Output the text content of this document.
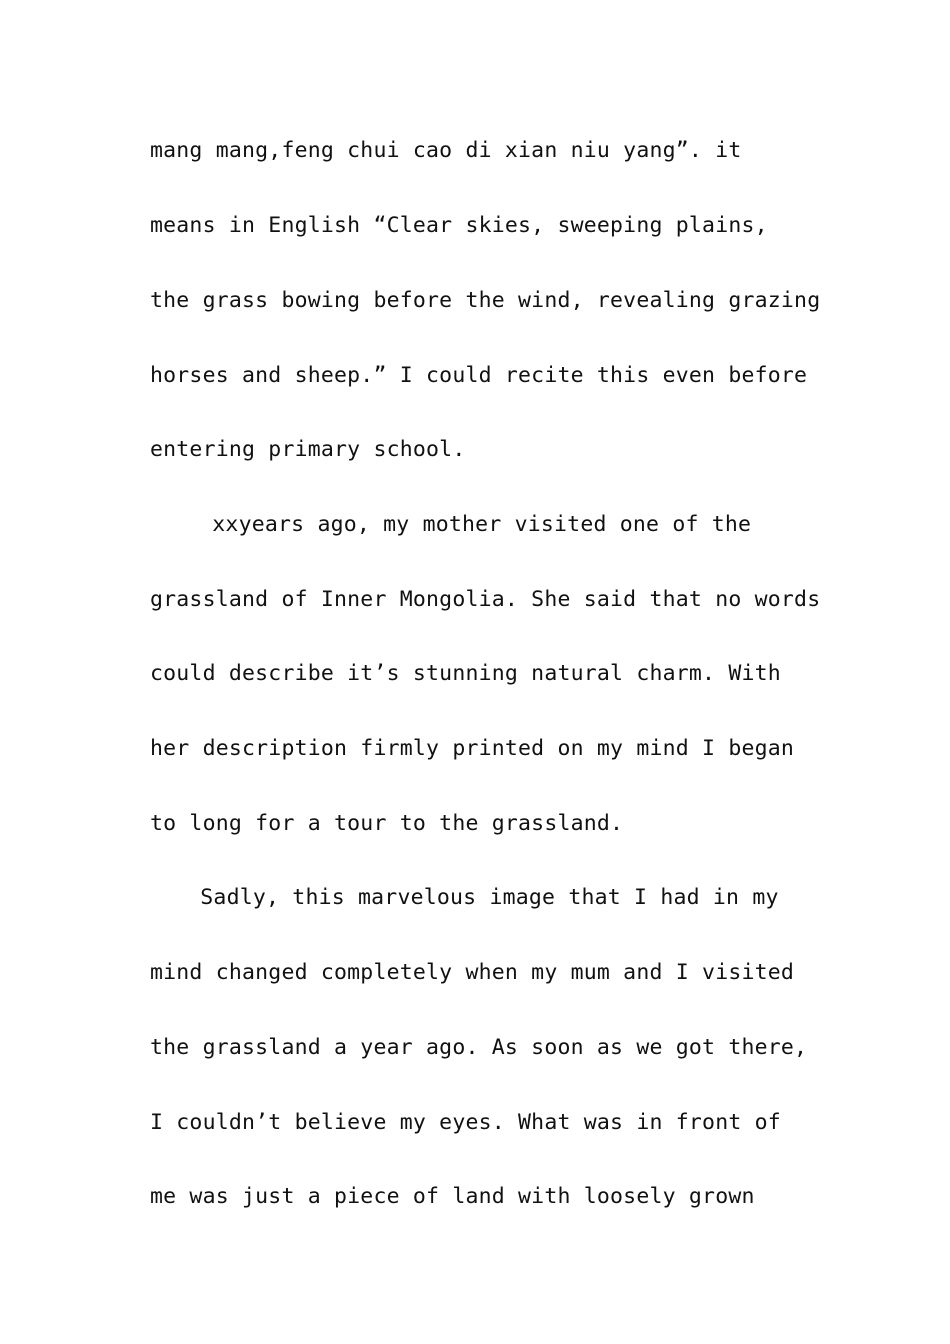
mang mang,feng chui cao di xian niu yang”. it
means in English “Clear skies, sweeping plains,
the grass bowing before the wind, revealing grazing
horses and sheep.” I could recite this even before
entering primary school.
xxyears ago, my mother visited one of the
grassland of Inner Mongolia. She said that no words
could describe it’s stunning natural charm. With
her description firmly printed on my mind I began
to long for a tour to the grassland.
Sadly, this marvelous image that I had in my
mind changed completely when my mum and I visited
the grassland a year ago. As soon as we got there,
I couldn’t believe my eyes. What was in front of
me was just a piece of land with loosely grown
